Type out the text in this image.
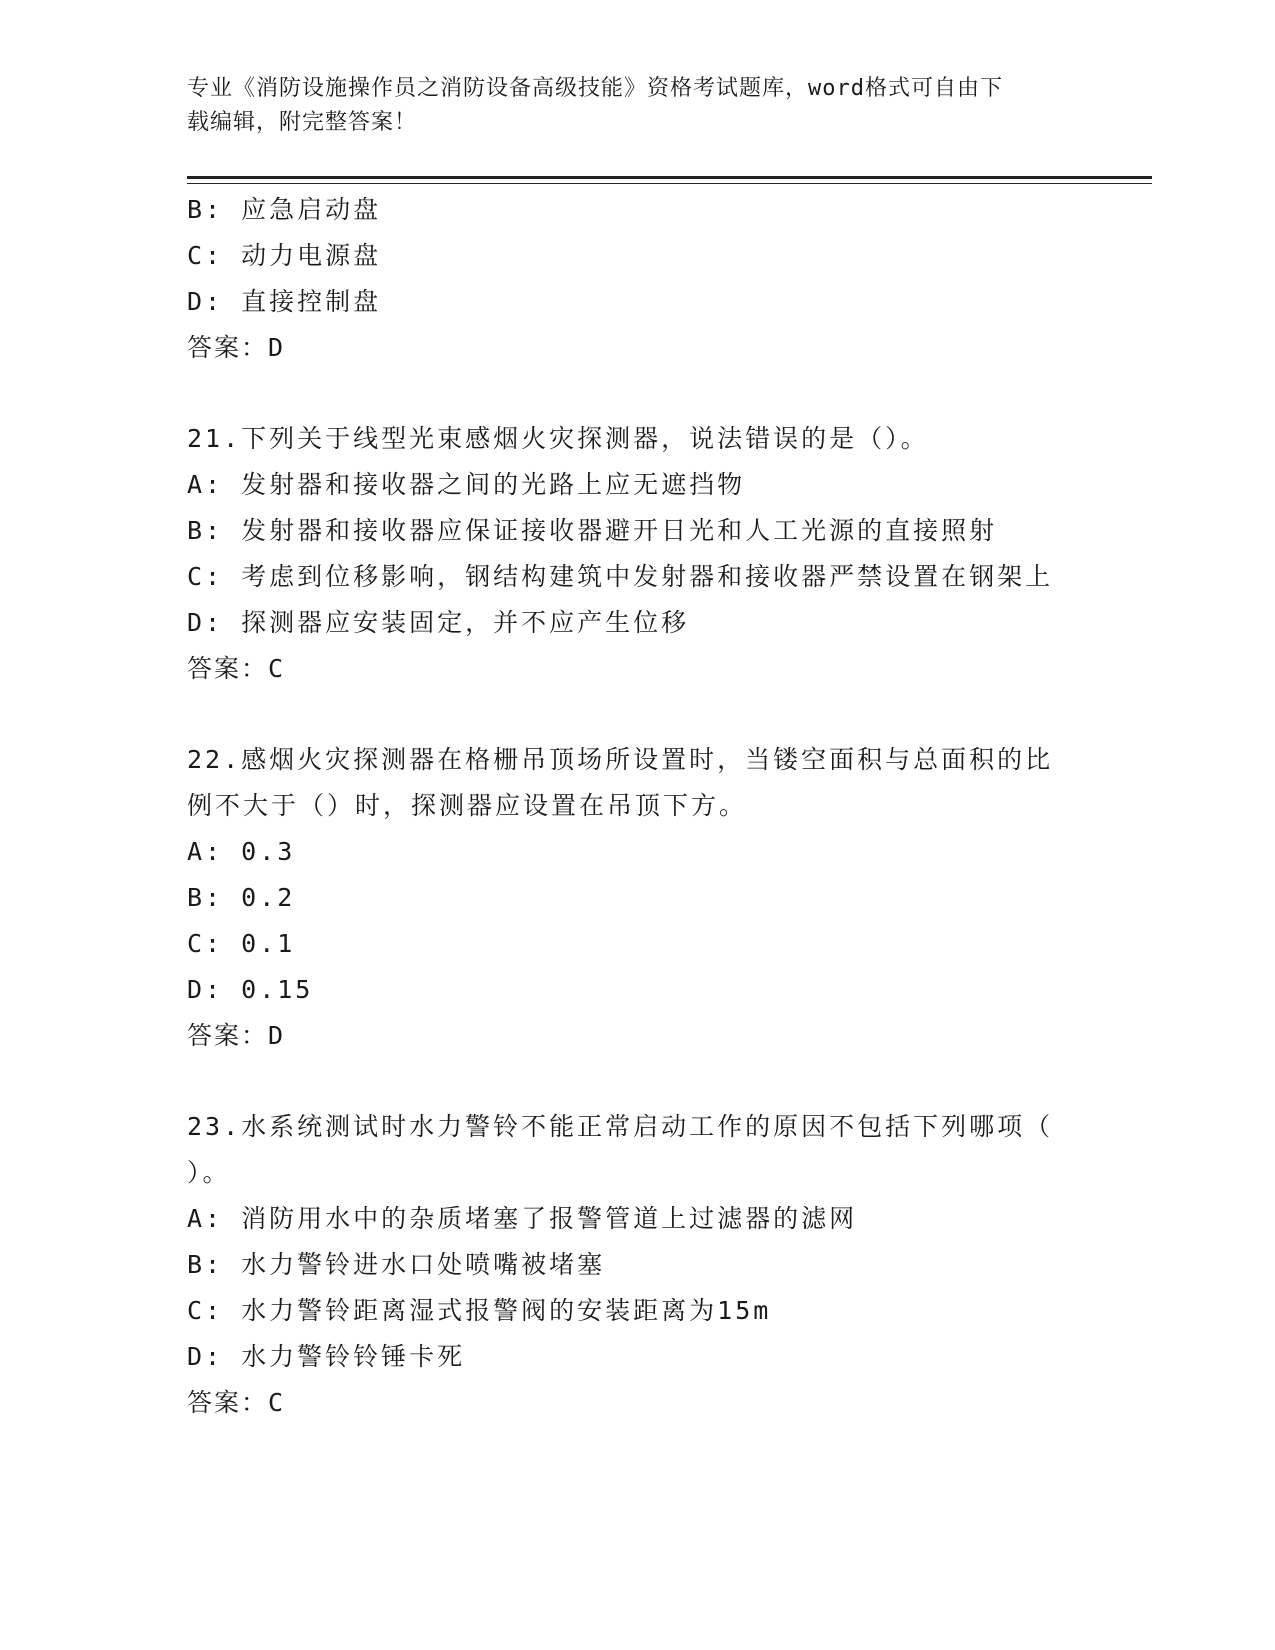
专业《消防设施操作员之消防设备高级技能》资格考试题库，word格式可自由下
载编辑，附完整答案！
B: 应急启动盘
C: 动力电源盘
D: 直接控制盘
答案：D
21.下列关于线型光束感烟火灾探测器，说法错误的是（）。
A: 发射器和接收器之间的光路上应无遮挡物
B: 发射器和接收器应保证接收器避开日光和人工光源的直接照射
C: 考虑到位移影响，钢结构建筑中发射器和接收器严禁设置在钢架上
D: 探测器应安装固定，并不应产生位移
答案：C
22.感烟火灾探测器在格栅吊顶场所设置时，当镂空面积与总面积的比
例不大于（）时，探测器应设置在吊顶下方。
A: 0.3
B: 0.2
C: 0.1
D: 0.15
答案：D
23.水系统测试时水力警铃不能正常启动工作的原因不包括下列哪项（
）。
A: 消防用水中的杂质堵塞了报警管道上过滤器的滤网
B: 水力警铃进水口处喷嘴被堵塞
C: 水力警铃距离湿式报警阀的安装距离为15m
D: 水力警铃铃锤卡死
答案：C
